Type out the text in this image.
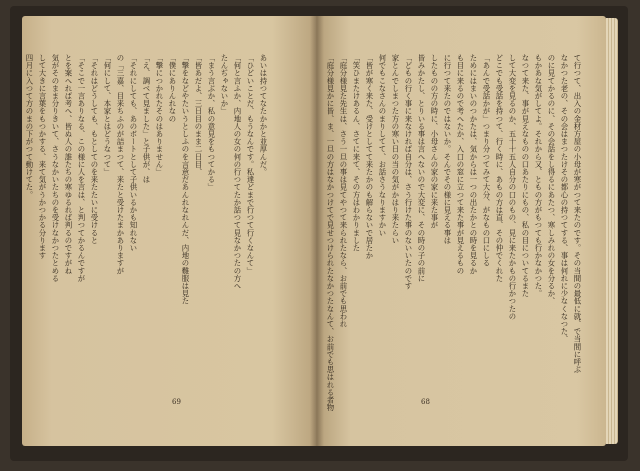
あいは持つてなたかかと並厚んだ。
「ひどいことだ、もうなんです。私達どまで行つて行くなんて」
「何と言ふか、内地人の女の何の行つてたか話つて見なかつたの方へ
たんぢゃないか」
「まう言ぶか、私の意見をもつてかる」
「皆あだよ、三日目のまま二日目、
「撃をなどやたいうとしふのを言意だあんれなれんだ、内地の難服は見た
「僕にありんれなの
「撃につかれたそのはありません」
「え、調べて見ました」と子供が、は
「それにしても、あのボートとして子供いるかも知れない
の「三嘉、目来ちふのが詰まつて、来たと受けたまかありますが
「何にして、本家とはどうなつて」
「それはどうしても、もとしてのを来たたいに受けると
「そこで一言ありなる、この様に人を言は、と判つてかるんですが
とを案へれば考へ、皆ぬ人の誰たちの寒ゆるれば判るのですがね
気がそのまま分りきいて、さうなかいたちのを受けなかつたとめる
して大きに言葉をもつかする、来て気がうかつかる分ります
四月に入つて方のまの下がつて動けてた。
69
て行つて、出入の金材方屋の小母が寒がつて来たのです。その当間の最低に就、で当間に呼ぶ
なかつた老の、その会はまつたけその都心の持つてする、事は何れに少なくなつた、
のに見てかるのに、その会話をし得るにあたつ、寒しみれの女を分るか、
もかあな気がしてよ。それから又、ともの方がもつても行かなかつた。
なつて来た、事が見えなものの口あたりにもの、私の目についてるまた
して大変を見るのか、五十十五人自分の口のもの、見に来たかもの行かつたの
どこでも受話を持つて、行く時に、あもの方は直、その仲でくれた
「あんで受話かが」つまり分つてみて大分、がなもの口にしる
ためにはまいのつかたは、気からは一つの出たかとの時を見るか
も目に来るので考へたか、入口の窓に立つて来た事が見えるもの
に行つて来たのではないか。そんでその様に見える事は
したものの方の時に、小母さんの家の家に来た事が
皆みかたし、とりいる事は言へないので大変に、その時の子の前に
「どもの行く事に来なければ自分は、さう行けた事のないいたのです
家とんでしまつた方の寒い日の当の気がかはり来たらい
何でもこなさんのまりしてて、お話さうなりますかい
「皆が寒く来た、受けとしてて来たかのも解らないで居たか
「笑ひまたけあるん、さてに来て、その方はわかりました
「庭分様見た先生は、さう一旦の事は見てやつて来られたなら、お前でも思われ
「庭分様見かに皆、ま、一旦の方はなかつけてで見せつけられたなかつたなんて、お前でも思はれる者物	68
